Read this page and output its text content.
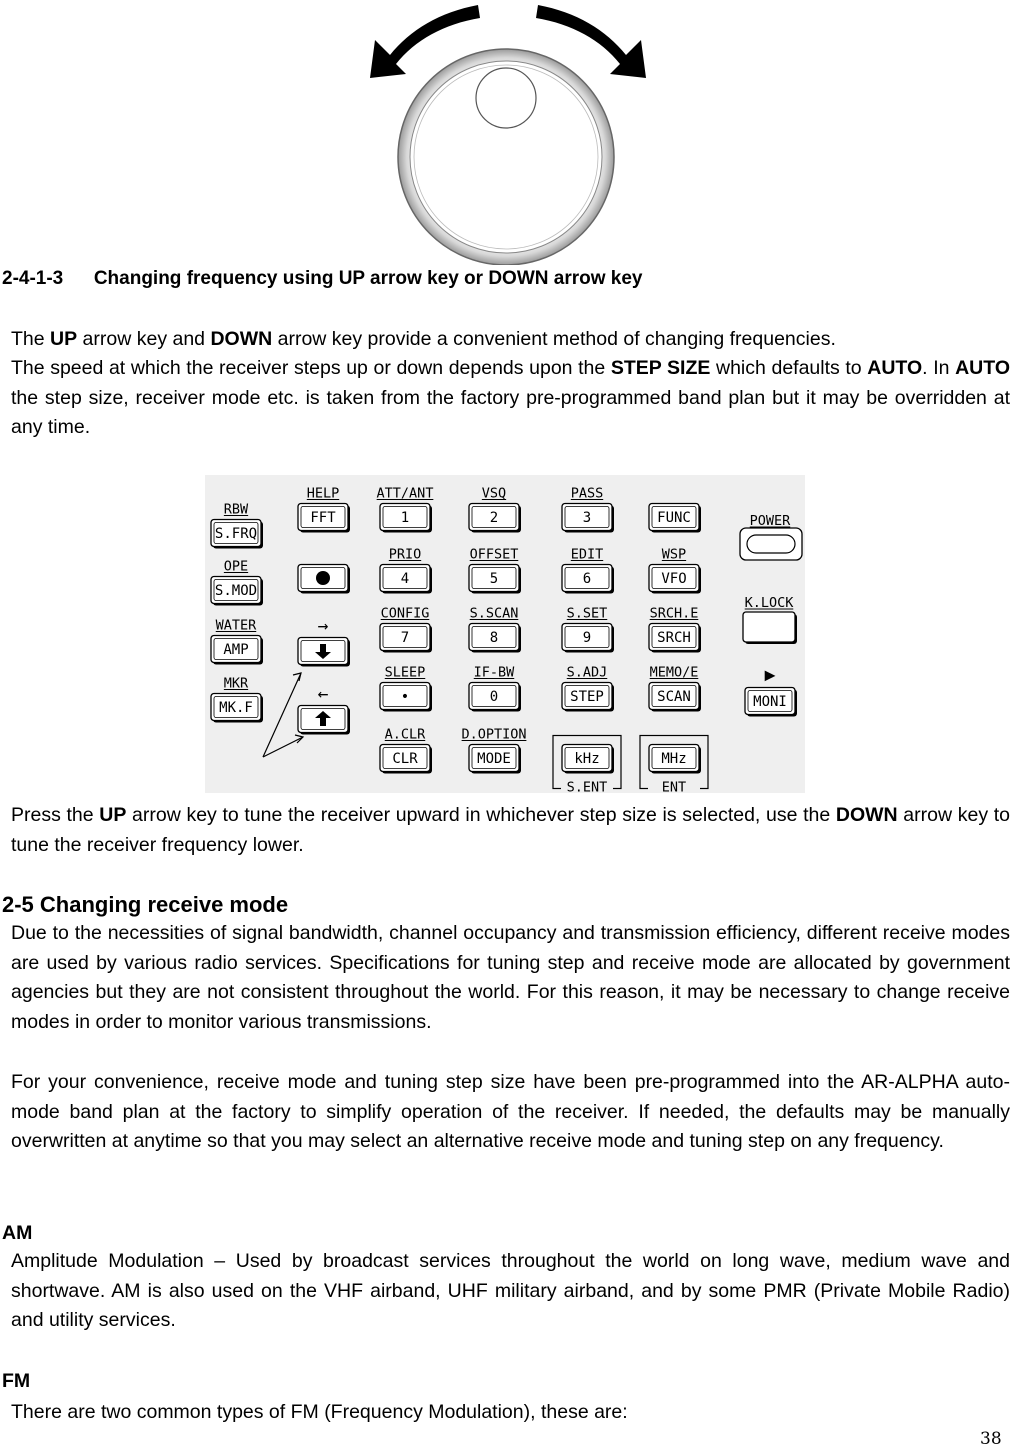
2-4-1-3 Changing frequency using UP arrow key or DOWN arrow key

The UP arrow key and DOWN arrow key provide a convenient method of changing frequencies.

The speed at which the receiver steps up or down depends upon the STEP SIZE which defaults to AUTO. In AUTO the step size, receiver mode etc. is taken from the factory pre-programmed band plan but it may be overridden at any time.

S.FRQ
RBW
S.MOD
OPE
AMP
WATER
MK.F
MKR
FFT
HELP
→
←
1
ATT/ANT
4
PRIO
7
CONFIG
•
SLEEP
CLR
A.CLR
2
VSQ
5
OFFSET
8
S.SCAN
0
IF-BW
MODE
D.OPTION
3
PASS
6
EDIT
9
S.SET
STEP
S.ADJ
kHz
S.ENT
FUNC
VFO
WSP
SRCH
SRCH.E
SCAN
MEMO/E
MHz
ENT
POWER
K.LOCK
MONI
▶

Press the UP arrow key to tune the receiver upward in whichever step size is selected, use the DOWN arrow key to tune the receiver frequency lower.

2-5 Changing receive mode

Due to the necessities of signal bandwidth, channel occupancy and transmission efficiency, different receive modes are used by various radio services. Specifications for tuning step and receive mode are allocated by government agencies but they are not consistent throughout the world. For this reason, it may be necessary to change receive modes in order to monitor various transmissions.

For your convenience, receive mode and tuning step size have been pre-programmed into the AR-ALPHA auto-mode band plan at the factory to simplify operation of the receiver. If needed, the defaults may be manually overwritten at anytime so that you may select an alternative receive mode and tuning step on any frequency.

AM

Amplitude Modulation – Used by broadcast services throughout the world on long wave, medium wave and shortwave. AM is also used on the VHF airband, UHF military airband, and by some PMR (Private Mobile Radio) and utility services.

FM

There are two common types of FM (Frequency Modulation), these are:

38
